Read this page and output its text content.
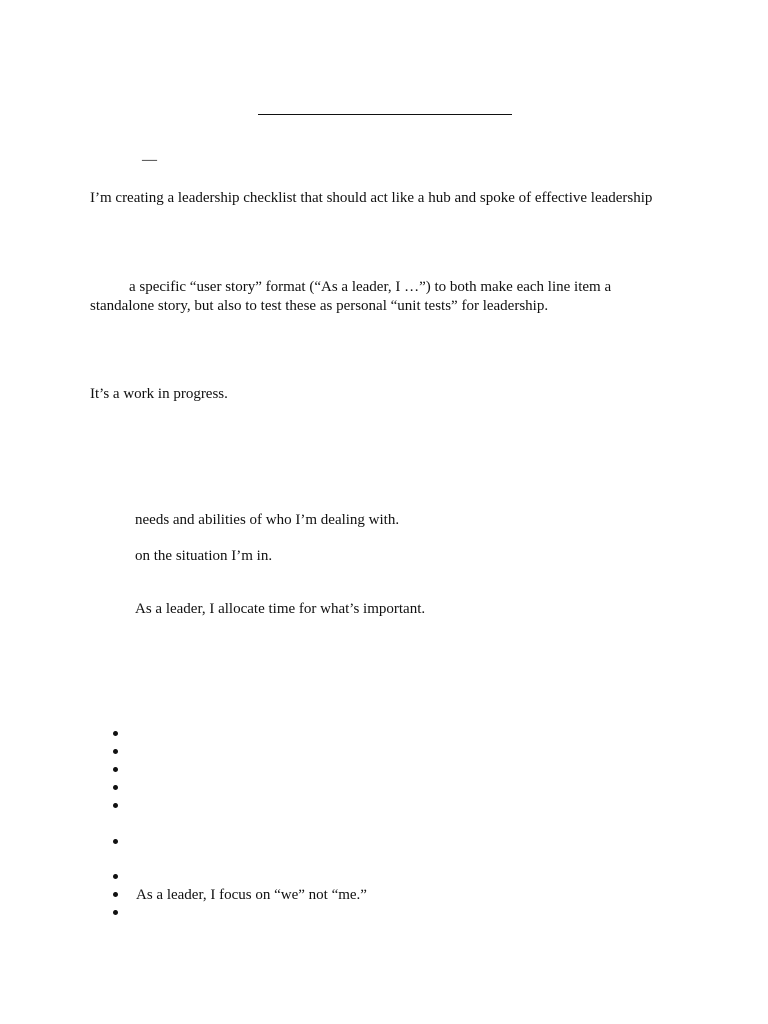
—
I’m creating a leadership checklist that should act like a hub and spoke of effective leadership
a specific “user story” format (“As a leader, I …”) to both make each line item a
standalone story, but also to test these as personal “unit tests” for leadership.
It’s a work in progress.
needs and abilities of who I’m dealing with.
on the situation I’m in.
As a leader, I allocate time for what’s important.
As a leader, I focus on “we” not “me.”
